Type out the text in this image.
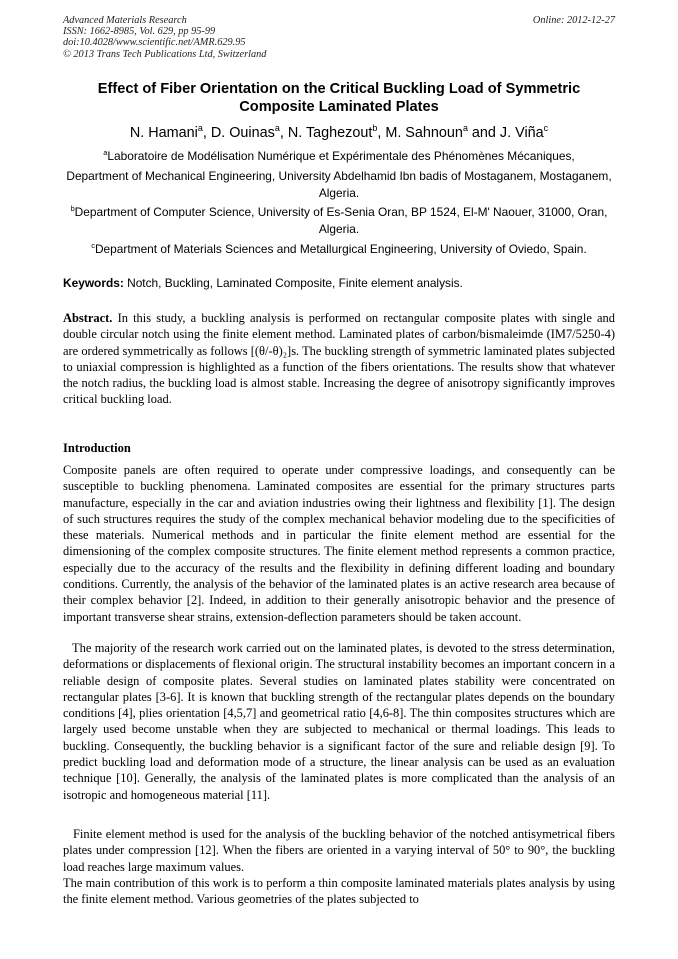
Advanced Materials Research
ISSN: 1662-8985, Vol. 629, pp 95-99
doi:10.4028/www.scientific.net/AMR.629.95
© 2013 Trans Tech Publications Ltd, Switzerland
Online: 2012-12-27
Effect of Fiber Orientation on the Critical Buckling Load of Symmetric Composite Laminated Plates
N. Hamani$^a$, D. Ouinas$^a$, N. Taghezout$^b$, M. Sahnoun$^a$ and J. Viña$^c$
$^a$Laboratoire de Modélisation Numérique et Expérimentale des Phénomènes Mécaniques,
Department of Mechanical Engineering, University Abdelhamid Ibn badis of Mostaganem, Mostaganem, Algeria.
$^b$Department of Computer Science, University of Es-Senia Oran, BP 1524, El-M' Naouer, 31000, Oran, Algeria.
$^c$Department of Materials Sciences and Metallurgical Engineering, University of Oviedo, Spain.
Keywords: Notch, Buckling, Laminated Composite, Finite element analysis.
Abstract. In this study, a buckling analysis is performed on rectangular composite plates with single and double circular notch using the finite element method. Laminated plates of carbon/bismaleimde (IM7/5250-4) are ordered symmetrically as follows [(θ/-θ)₂]s. The buckling strength of symmetric laminated plates subjected to uniaxial compression is highlighted as a function of the fibers orientations. The results show that whatever the notch radius, the buckling load is almost stable. Increasing the degree of anisotropy significantly improves critical buckling load.
Introduction

Composite panels are often required to operate under compressive loadings, and consequently can be susceptible to buckling phenomena. Laminated composites are essential for the primary structures parts manufacture, especially in the car and aviation industries owing their lightness and flexibility [1]. The design of such structures requires the study of the complex mechanical behavior modeling due to the specificities of these materials. Numerical methods and in particular the finite element method are essential for the dimensioning of the complex composite structures. The finite element method represents a common practice, especially due to the accuracy of the results and the flexibility in defining different loading and boundary conditions. Currently, the analysis of the behavior of the laminated plates is an active research area because of their complex behavior [2]. Indeed, in addition to their generally anisotropic behavior and the presence of important transverse shear strains, extension-deflection parameters should be taken account.

The majority of the research work carried out on the laminated plates, is devoted to the stress determination, deformations or displacements of flexional origin. The structural instability becomes an important concern in a reliable design of composite plates. Several studies on laminated plates stability were concentrated on rectangular plates [3-6]. It is known that buckling strength of the rectangular plates depends on the boundary conditions [4], plies orientation [4,5,7] and geometrical ratio [4,6-8]. The thin composites structures which are largely used become unstable when they are subjected to mechanical or thermal loadings. This leads to buckling. Consequently, the buckling behavior is a significant factor of the sure and reliable design [9]. To predict buckling load and deformation mode of a structure, the linear analysis can be used as an evaluation technique [10]. Generally, the analysis of the laminated plates is more complicated than the analysis of an isotropic and homogeneous material [11].

Finite element method is used for the analysis of the buckling behavior of the notched antisymetrical fibers plates under compression [12]. When the fibers are oriented in a varying interval of 50° to 90°, the buckling load reaches large maximum values.

The main contribution of this work is to perform a thin composite laminated materials plates analysis by using the finite element method. Various geometries of the plates subjected to
